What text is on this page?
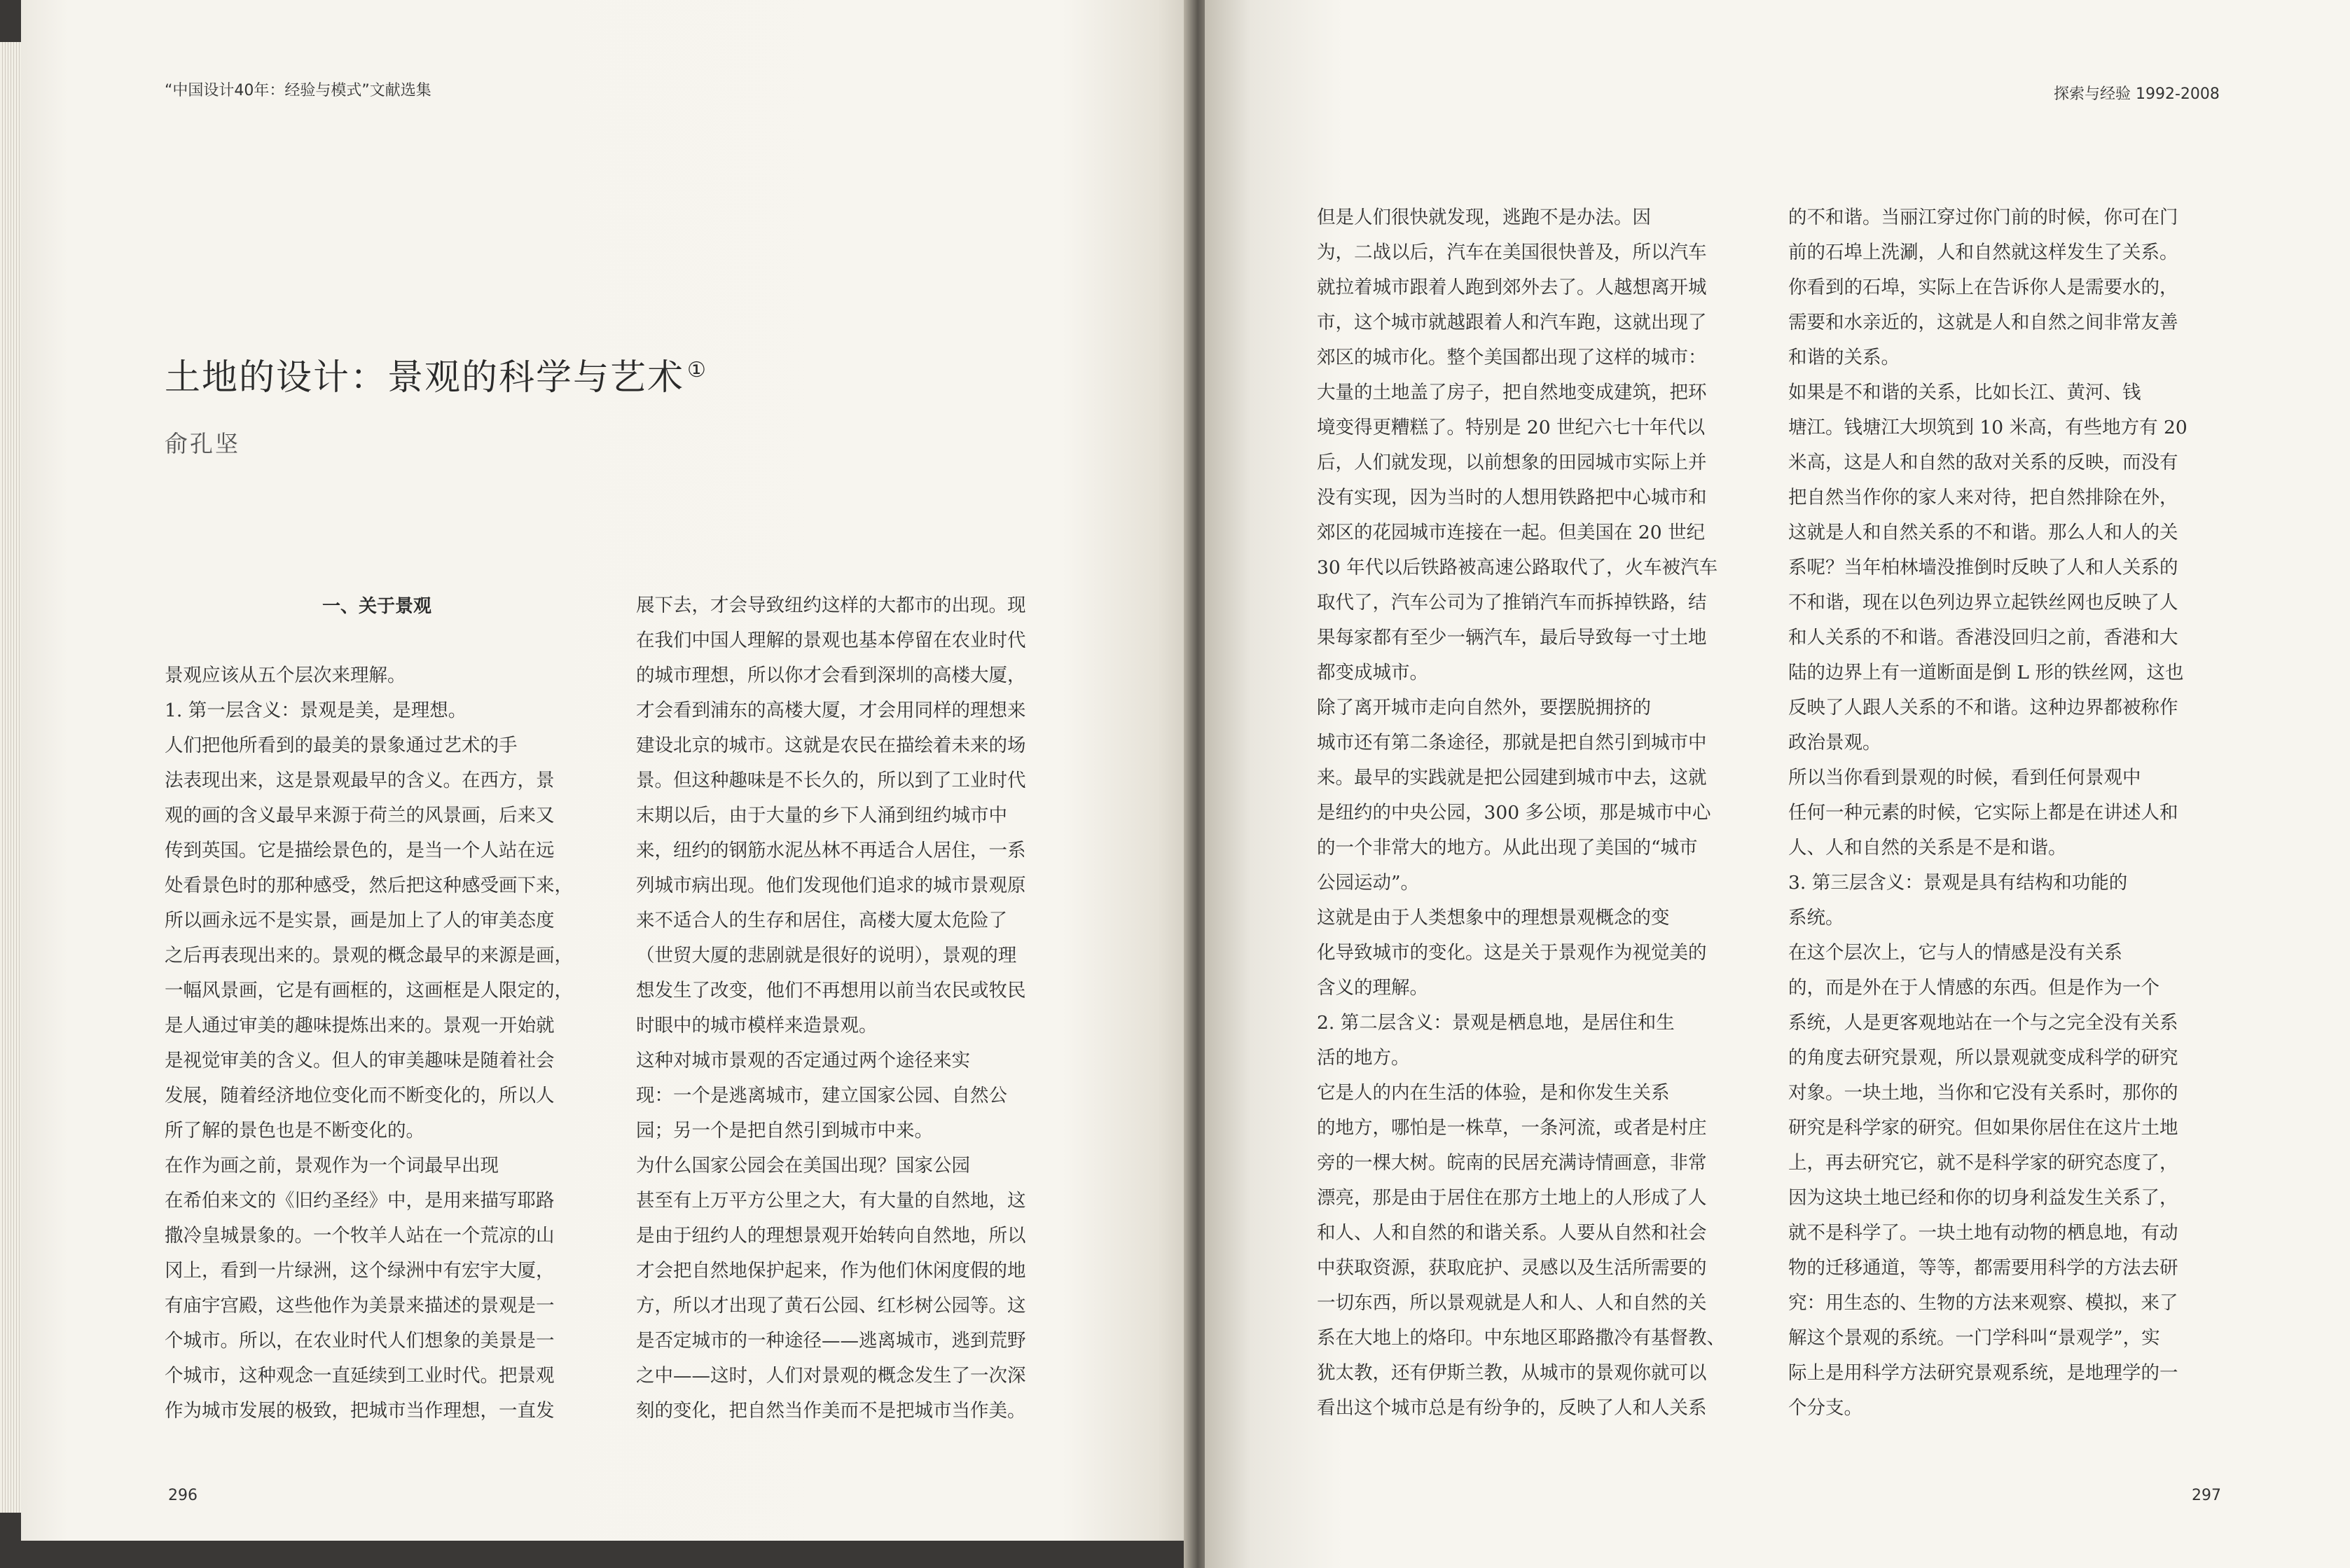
“中国设计40年：经验与模式”文献选集
土地的设计：景观的科学与艺术 ①
俞孔坚
一、关于景观
景观应该从五个层次来理解。
1. 第一层含义：景观是美，是理想。
人们把他所看到的最美的景象通过艺术的手
法表现出来，这是景观最早的含义。在西方，景
观的画的含义最早来源于荷兰的风景画，后来又
传到英国。它是描绘景色的，是当一个人站在远
处看景色时的那种感受，然后把这种感受画下来，
所以画永远不是实景，画是加上了人的审美态度
之后再表现出来的。景观的概念最早的来源是画，
一幅风景画，它是有画框的，这画框是人限定的，
是人通过审美的趣味提炼出来的。景观一开始就
是视觉审美的含义。但人的审美趣味是随着社会
发展，随着经济地位变化而不断变化的，所以人
所了解的景色也是不断变化的。
在作为画之前，景观作为一个词最早出现
在希伯来文的《旧约圣经》中，是用来描写耶路
撒冷皇城景象的。一个牧羊人站在一个荒凉的山
冈上，看到一片绿洲，这个绿洲中有宏宇大厦，
有庙宇宫殿，这些他作为美景来描述的景观是一
个城市。所以，在农业时代人们想象的美景是一
个城市，这种观念一直延续到工业时代。把景观
作为城市发展的极致，把城市当作理想，一直发
展下去，才会导致纽约这样的大都市的出现。现
在我们中国人理解的景观也基本停留在农业时代
的城市理想，所以你才会看到深圳的高楼大厦，
才会看到浦东的高楼大厦，才会用同样的理想来
建设北京的城市。这就是农民在描绘着未来的场
景。但这种趣味是不长久的，所以到了工业时代
末期以后，由于大量的乡下人涌到纽约城市中
来，纽约的钢筋水泥丛林不再适合人居住，一系
列城市病出现。他们发现他们追求的城市景观原
来不适合人的生存和居住，高楼大厦太危险了
（世贸大厦的悲剧就是很好的说明），景观的理
想发生了改变，他们不再想用以前当农民或牧民
时眼中的城市模样来造景观。
这种对城市景观的否定通过两个途径来实
现：一个是逃离城市，建立国家公园、自然公
园；另一个是把自然引到城市中来。
为什么国家公园会在美国出现？国家公园
甚至有上万平方公里之大，有大量的自然地，这
是由于纽约人的理想景观开始转向自然地，所以
才会把自然地保护起来，作为他们休闲度假的地
方，所以才出现了黄石公园、红杉树公园等。这
是否定城市的一种途径——逃离城市，逃到荒野
之中——这时，人们对景观的概念发生了一次深
刻的变化，把自然当作美而不是把城市当作美。
296
探索与经验 1992-2008
但是人们很快就发现，逃跑不是办法。因
为，二战以后，汽车在美国很快普及，所以汽车
就拉着城市跟着人跑到郊外去了。人越想离开城
市，这个城市就越跟着人和汽车跑，这就出现了
郊区的城市化。整个美国都出现了这样的城市：
大量的土地盖了房子，把自然地变成建筑，把环
境变得更糟糕了。特别是 20 世纪六七十年代以
后，人们就发现，以前想象的田园城市实际上并
没有实现，因为当时的人想用铁路把中心城市和
郊区的花园城市连接在一起。但美国在 20 世纪
30 年代以后铁路被高速公路取代了，火车被汽车
取代了，汽车公司为了推销汽车而拆掉铁路，结
果每家都有至少一辆汽车，最后导致每一寸土地
都变成城市。
除了离开城市走向自然外，要摆脱拥挤的
城市还有第二条途径，那就是把自然引到城市中
来。最早的实践就是把公园建到城市中去，这就
是纽约的中央公园，300 多公顷，那是城市中心
的一个非常大的地方。从此出现了美国的“城市
公园运动”。
这就是由于人类想象中的理想景观概念的变
化导致城市的变化。这是关于景观作为视觉美的
含义的理解。
2. 第二层含义：景观是栖息地，是居住和生
活的地方。
它是人的内在生活的体验，是和你发生关系
的地方，哪怕是一株草，一条河流，或者是村庄
旁的一棵大树。皖南的民居充满诗情画意，非常
漂亮，那是由于居住在那方土地上的人形成了人
和人、人和自然的和谐关系。人要从自然和社会
中获取资源，获取庇护、灵感以及生活所需要的
一切东西，所以景观就是人和人、人和自然的关
系在大地上的烙印。中东地区耶路撒冷有基督教、
犹太教，还有伊斯兰教，从城市的景观你就可以
看出这个城市总是有纷争的，反映了人和人关系
的不和谐。当丽江穿过你门前的时候，你可在门
前的石埠上洗涮，人和自然就这样发生了关系。
你看到的石埠，实际上在告诉你人是需要水的，
需要和水亲近的，这就是人和自然之间非常友善
和谐的关系。
如果是不和谐的关系，比如长江、黄河、钱
塘江。钱塘江大坝筑到 10 米高，有些地方有 20
米高，这是人和自然的敌对关系的反映，而没有
把自然当作你的家人来对待，把自然排除在外，
这就是人和自然关系的不和谐。那么人和人的关
系呢？当年柏林墙没推倒时反映了人和人关系的
不和谐，现在以色列边界立起铁丝网也反映了人
和人关系的不和谐。香港没回归之前，香港和大
陆的边界上有一道断面是倒 L 形的铁丝网，这也
反映了人跟人关系的不和谐。这种边界都被称作
政治景观。
所以当你看到景观的时候，看到任何景观中
任何一种元素的时候，它实际上都是在讲述人和
人、人和自然的关系是不是和谐。
3. 第三层含义：景观是具有结构和功能的
系统。
在这个层次上，它与人的情感是没有关系
的，而是外在于人情感的东西。但是作为一个
系统，人是更客观地站在一个与之完全没有关系
的角度去研究景观，所以景观就变成科学的研究
对象。一块土地，当你和它没有关系时，那你的
研究是科学家的研究。但如果你居住在这片土地
上，再去研究它，就不是科学家的研究态度了，
因为这块土地已经和你的切身利益发生关系了，
就不是科学了。一块土地有动物的栖息地，有动
物的迁移通道，等等，都需要用科学的方法去研
究：用生态的、生物的方法来观察、模拟，来了
解这个景观的系统。一门学科叫“景观学”，实
际上是用科学方法研究景观系统，是地理学的一
个分支。
297
